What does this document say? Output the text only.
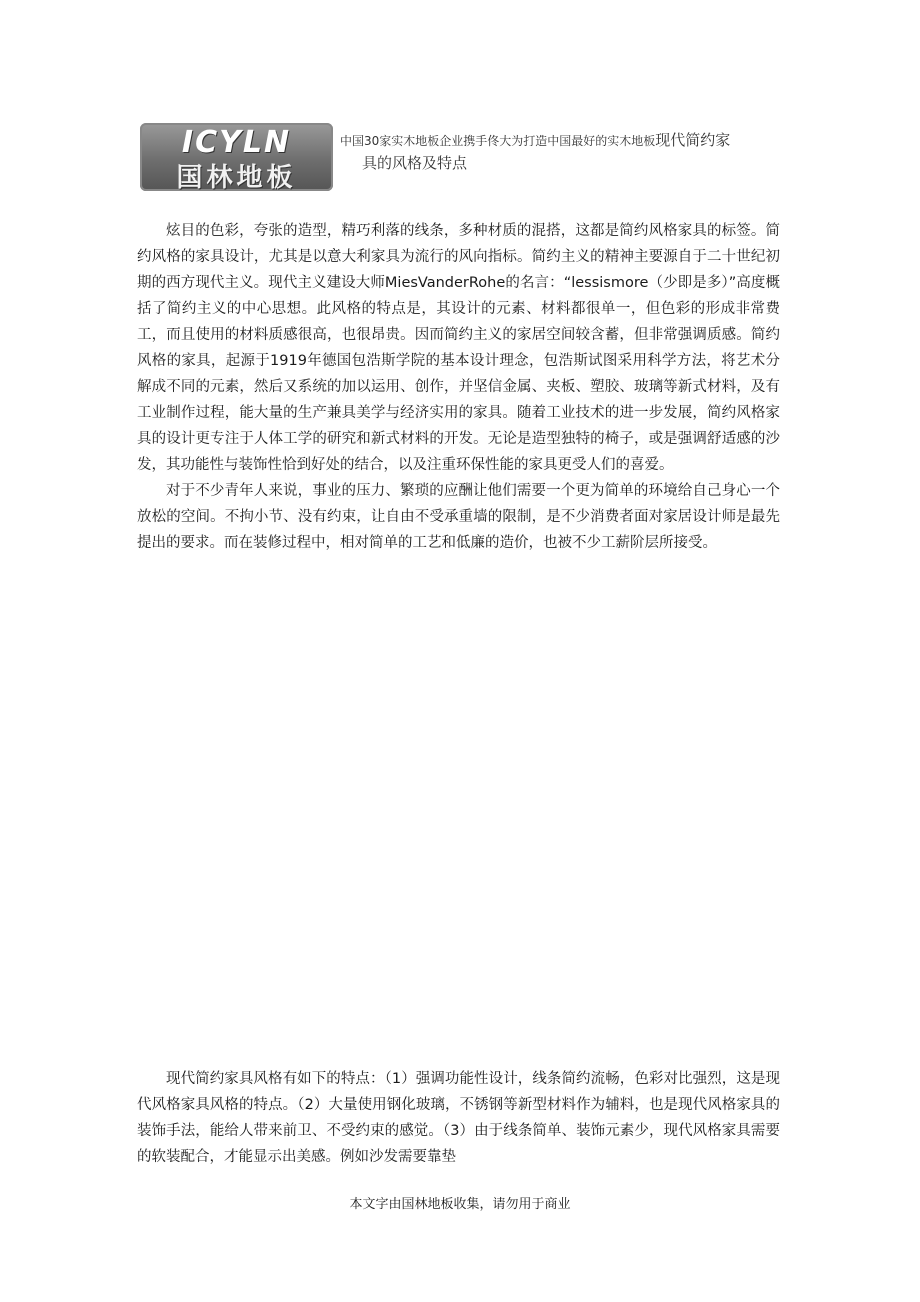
ICYLN
国林地板
中国30家实木地板企业携手佟大为打造中国最好的实木地板现代简约家
具的风格及特点

炫目的色彩，夸张的造型，精巧利落的线条，多种材质的混搭，这都是简约风格家具的标签。简约风格的家具设计，尤其是以意大利家具为流行的风向指标。简约主义的精神主要源自于二十世纪初期的西方现代主义。现代主义建设大师MiesVanderRohe的名言：“lessismore（少即是多）”高度概括了简约主义的中心思想。此风格的特点是，其设计的元素、材料都很单一，但色彩的形成非常费工，而且使用的材料质感很高，也很昂贵。因而简约主义的家居空间较含蓄，但非常强调质感。简约风格的家具，起源于1919年德国包浩斯学院的基本设计理念，包浩斯试图采用科学方法，将艺术分解成不同的元素，然后又系统的加以运用、创作，并坚信金属、夹板、塑胶、玻璃等新式材料，及有工业制作过程，能大量的生产兼具美学与经济实用的家具。随着工业技术的进一步发展，简约风格家具的设计更专注于人体工学的研究和新式材料的开发。无论是造型独特的椅子，或是强调舒适感的沙发，其功能性与装饰性恰到好处的结合，以及注重环保性能的家具更受人们的喜爱。

对于不少青年人来说，事业的压力、繁琐的应酬让他们需要一个更为简单的环境给自己身心一个放松的空间。不拘小节、没有约束，让自由不受承重墙的限制，是不少消费者面对家居设计师是最先提出的要求。而在装修过程中，相对简单的工艺和低廉的造价，也被不少工薪阶层所接受。

现代简约家具风格有如下的特点：（1）强调功能性设计，线条简约流畅，色彩对比强烈，这是现代风格家具风格的特点。（2）大量使用钢化玻璃，不锈钢等新型材料作为辅料，也是现代风格家具的装饰手法，能给人带来前卫、不受约束的感觉。（3）由于线条简单、装饰元素少，现代风格家具需要的软装配合，才能显示出美感。例如沙发需要靠垫

本文字由国林地板收集，请勿用于商业
